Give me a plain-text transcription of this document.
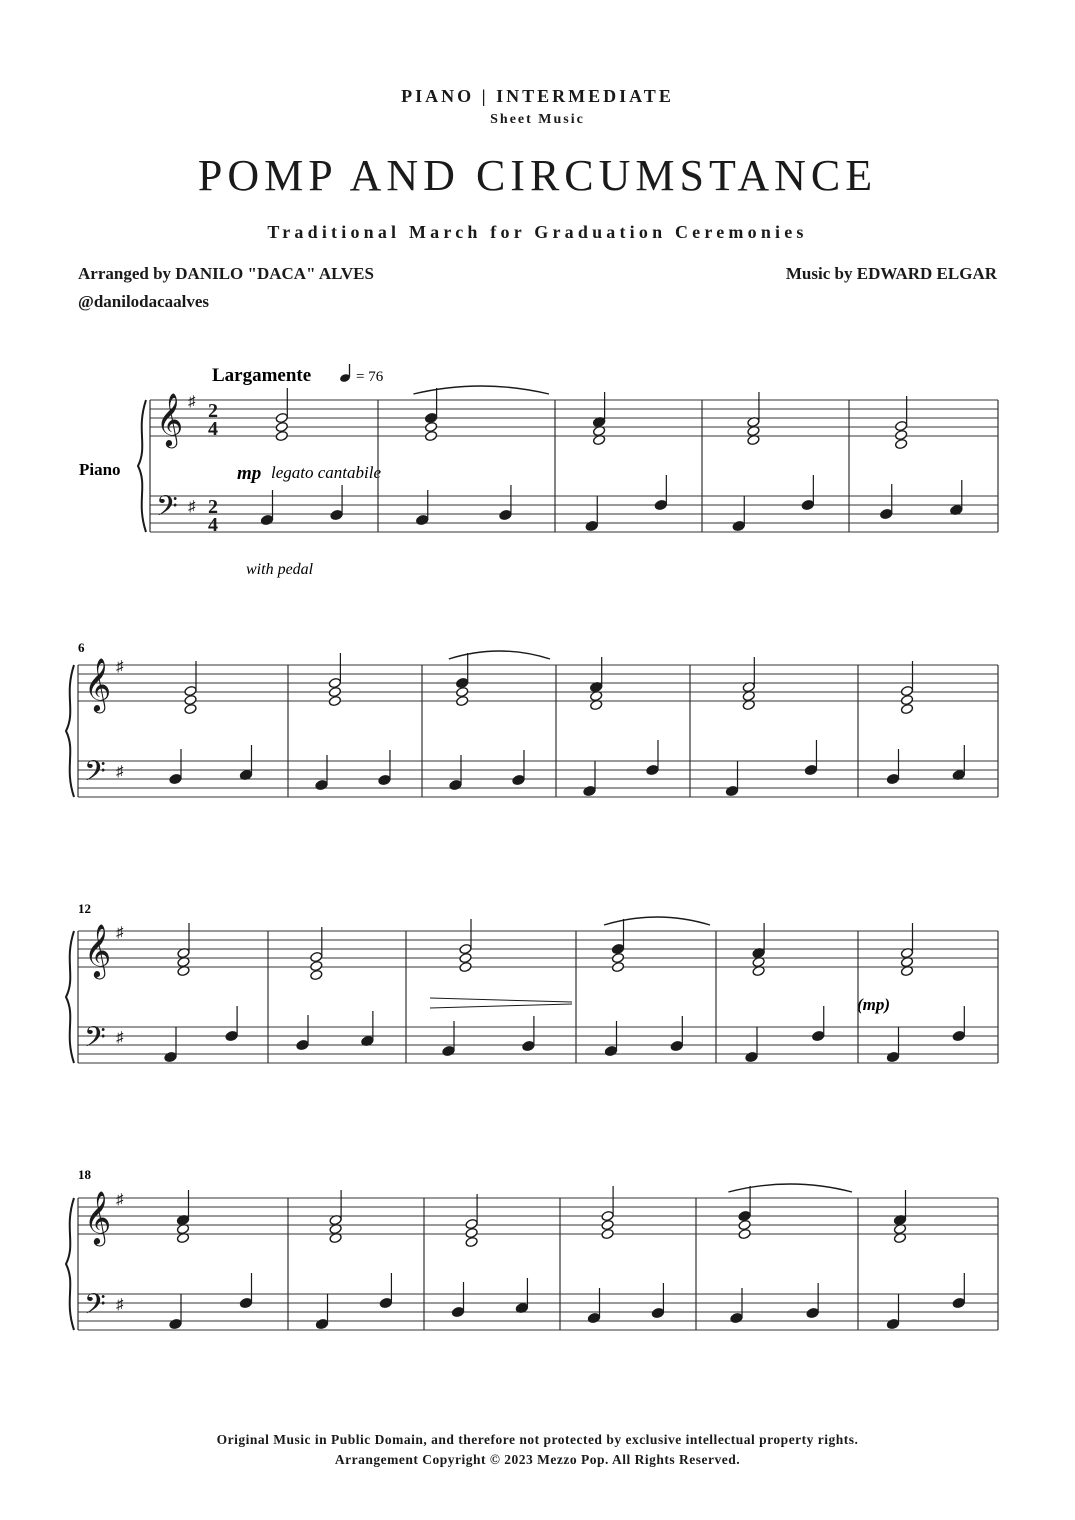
PIANO | INTERMEDIATE
Sheet Music
POMP AND CIRCUMSTANCE
Traditional March for Graduation Ceremonies
Arranged by DANILO "DACA" ALVES
@danilodacaalves
Music by EDWARD ELGAR
Largamente	= 76
Piano	mp legato cantabile
with pedal
(mp)
6
12
18
𝄞
𝄢
♯
♯
2
4
2
4
𝄞
𝄢
♯
♯
𝄞
𝄢
♯
♯
𝄞
𝄢
♯
♯
Original Music in Public Domain, and therefore not protected by exclusive intellectual property rights.
Arrangement Copyright © 2023 Mezzo Pop. All Rights Reserved.
